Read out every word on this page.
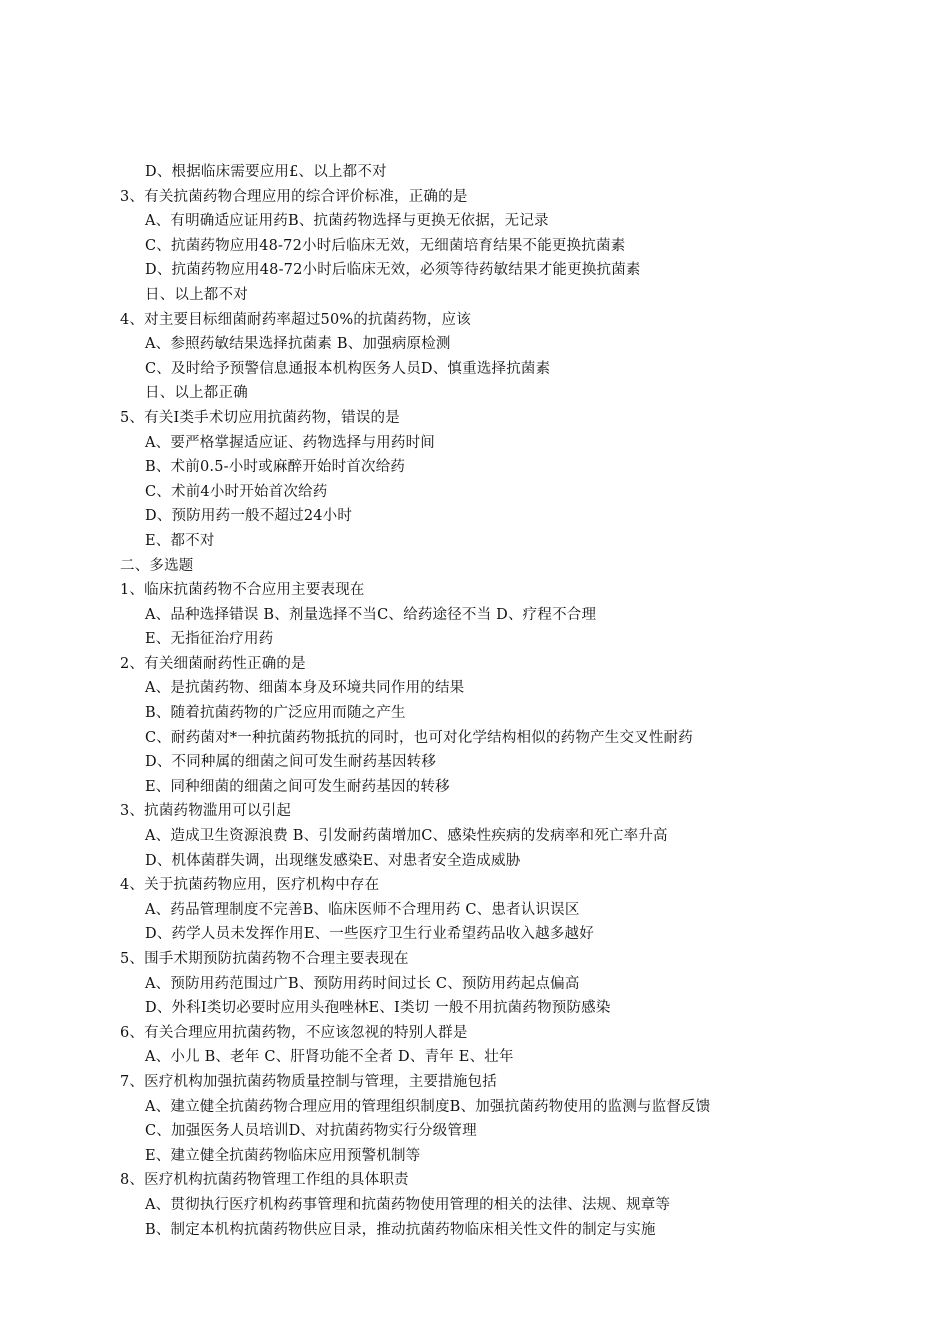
D、根据临床需要应用£、以上都不对
3、有关抗菌药物合理应用的综合评价标准，正确的是
A、有明确适应证用药B、抗菌药物选择与更换无依据，无记录
C、抗菌药物应用48-72小时后临床无效，无细菌培育结果不能更换抗菌素
D、抗菌药物应用48-72小时后临床无效，必须等待药敏结果才能更换抗菌素
日、以上都不对
4、对主要目标细菌耐药率超过50%的抗菌药物，应该
A、参照药敏结果选择抗菌素 B、加强病原检测
C、及时给予预警信息通报本机构医务人员D、慎重选择抗菌素
日、以上都正确
5、有关I类手术切应用抗菌药物，错误的是
A、要严格掌握适应证、药物选择与用药时间
B、术前0.5-小时或麻醉开始时首次给药
C、术前4小时开始首次给药
D、预防用药一般不超过24小时
E、都不对
二、多选题
1、临床抗菌药物不合应用主要表现在
A、品种选择错误 B、剂量选择不当C、给药途径不当 D、疗程不合理
E、无指征治疗用药
2、有关细菌耐药性正确的是
A、是抗菌药物、细菌本身及环境共同作用的结果
B、随着抗菌药物的广泛应用而随之产生
C、耐药菌对*一种抗菌药物抵抗的同时，也可对化学结构相似的药物产生交叉性耐药
D、不同种属的细菌之间可发生耐药基因转移
E、同种细菌的细菌之间可发生耐药基因的转移
3、抗菌药物滥用可以引起
A、造成卫生资源浪费 B、引发耐药菌增加C、感染性疾病的发病率和死亡率升高
D、机体菌群失调，出现继发感染E、对患者安全造成威胁
4、关于抗菌药物应用，医疗机构中存在
A、药品管理制度不完善B、临床医师不合理用药 C、患者认识误区
D、药学人员未发挥作用E、一些医疗卫生行业希望药品收入越多越好
5、围手术期预防抗菌药物不合理主要表现在
A、预防用药范围过广B、预防用药时间过长 C、预防用药起点偏高
D、外科I类切必要时应用头孢唑林E、I类切 一般不用抗菌药物预防感染
6、有关合理应用抗菌药物，不应该忽视的特别人群是
A、小儿 B、老年 C、肝肾功能不全者 D、青年 E、壮年
7、医疗机构加强抗菌药物质量控制与管理，主要措施包括
A、建立健全抗菌药物合理应用的管理组织制度B、加强抗菌药物使用的监测与监督反馈
C、加强医务人员培训D、对抗菌药物实行分级管理
E、建立健全抗菌药物临床应用预警机制等
8、医疗机构抗菌药物管理工作组的具体职责
A、贯彻执行医疗机构药事管理和抗菌药物使用管理的相关的法律、法规、规章等
B、制定本机构抗菌药物供应目录，推动抗菌药物临床相关性文件的制定与实施
